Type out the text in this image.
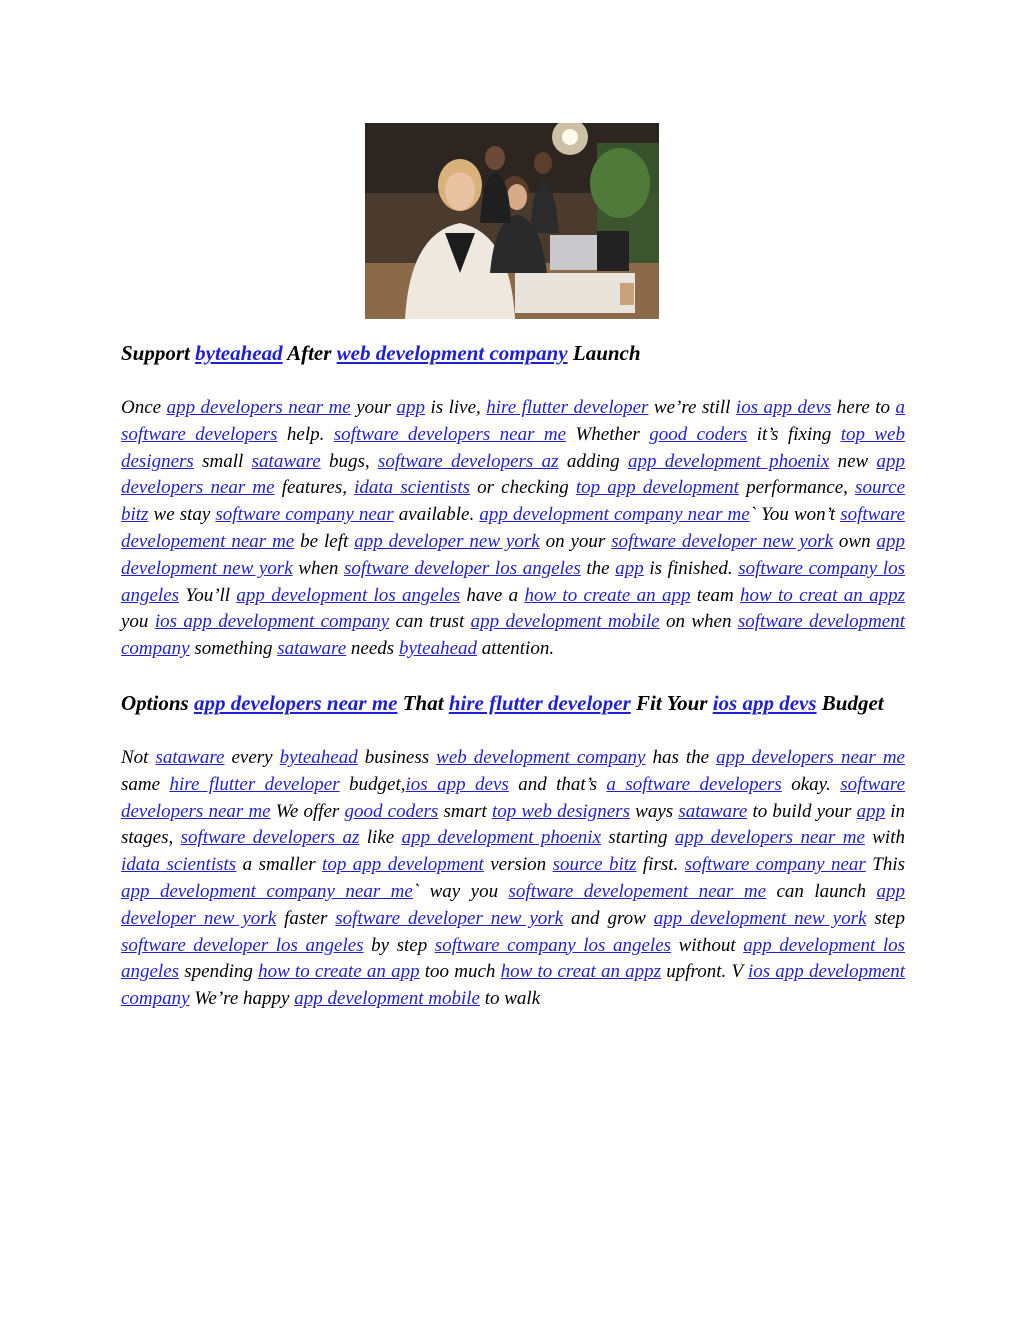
Support byteahead After web development company Launch

Once app developers near me your app is live, hire flutter developer we’re still ios app devs here to a software developers help. software developers near me Whether good coders it’s fixing top web designers small sataware bugs, software developers az adding app development phoenix new app developers near me features, idata scientists or checking top app development performance, source bitz we stay software company near available. app development company near me` You won’t software developement near me be left app developer new york on your software developer new york own app development new york when software developer los angeles the app is finished. software company los angeles You’ll app development los angeles have a how to create an app team how to creat an appz you ios app development company can trust app development mobile on when software development company something sataware needs byteahead attention.

Options app developers near me That hire flutter developer Fit Your ios app devs Budget

Not sataware every byteahead business web development company has the app developers near me same hire flutter developer budget,ios app devs and that’s a software developers okay. software developers near me We offer good coders smart top web designers ways sataware to build your app in stages, software developers az like app development phoenix starting app developers near me with idata scientists a smaller top app development version source bitz first. software company near This app development company near me` way you software developement near me can launch app developer new york faster software developer new york and grow app development new york step software developer los angeles by step software company los angeles without app development los angeles spending how to create an app too much how to creat an appz upfront. V ios app development company We’re happy app development mobile to walk
